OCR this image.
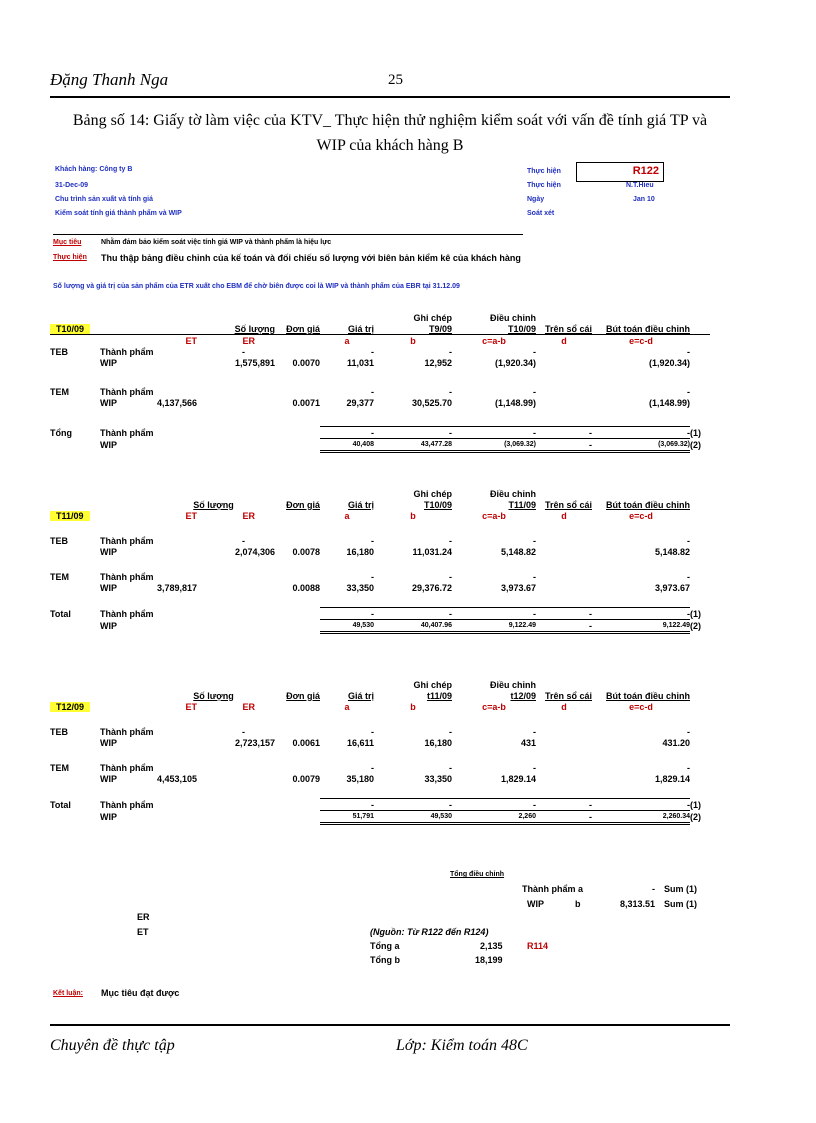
Đặng Thanh Nga	25
Bảng số 14: Giấy tờ làm việc của KTV_ Thực hiện thử nghiệm kiểm soát với vấn đề tính giá TP và WIP của khách hàng B
Khách hàng: Công ty B
31-Dec-09
Chu trình sản xuất và tính giá
Kiểm soát tính giá thành phẩm và WIP
Thực hiện	R122
Thực hiện	N.T.Hieu
Ngày	Jan 10
Soát xét
Mục tiêu	Nhằm đảm bảo kiểm soát việc tính giá WIP và thành phẩm là hiệu lực
Thực hiện Thu thập bảng điều chỉnh của kế toán và đối chiếu số lượng với biên bản kiểm kê của khách hàng
Số lượng và giá trị của sản phẩm của ETR xuất cho EBM để chờ biên được coi là WIP và thành phẩm của EBR tại 31.12.09
						Ghi chép	Điều chỉnh			
T10/09		Số lượng		Đơn giá	Giá trị	T9/09	T10/09	Trên sổ cái	Bút toán điều chỉnh	
		ET	ER		a	b	c=a-b	d	e=c-d	
TEB	Thành phẩm		-		-	-	-		-	
	WIP		1,575,891	0.0070	11,031	12,952	(1,920.34)		(1,920.34)	

TEM	Thành phẩm				-	-	-		-	
	WIP	4,137,566		0.0071	29,377	30,525.70	(1,148.99)		(1,148.99)	

Tổng	Thành phẩm				-	-	-	-	-	(1)
	WIP				40,408	43,477.28	(3,069.32)	-	(3,069.32)	(2)
						Ghi chép	Điều chỉnh			
		Số lượng		Đơn giá	Giá trị	T10/09	T11/09	Trên sổ cái	Bút toán điều chỉnh	
T11/09		ET	ER		a	b	c=a-b	d	e=c-d	

TEB	Thành phẩm		-		-	-	-		-	
	WIP		2,074,306	0.0078	16,180	11,031.24	5,148.82		5,148.82	

TEM	Thành phẩm				-	-	-		-	
	WIP	3,789,817		0.0088	33,350	29,376.72	3,973.67		3,973.67	

Total	Thành phẩm				-	-	-	-	-	(1)
	WIP				49,530	40,407.96	9,122.49	-	9,122.49	(2)
						Ghi chép	Điều chỉnh			
		Số lượng		Đơn giá	Giá trị	t11/09	t12/09	Trên sổ cái	Bút toán điều chỉnh	
T12/09		ET	ER		a	b	c=a-b	d	e=c-d	

TEB	Thành phẩm		-		-	-	-		-	
	WIP		2,723,157	0.0061	16,611	16,180	431		431.20	

TEM	Thành phẩm				-	-	-		-	
	WIP	4,453,105		0.0079	35,180	33,350	1,829.14		1,829.14	

Total	Thành phẩm				-	-	-	-	-	(1)
	WIP				51,791	49,530	2,260	-	2,260.34	(2)
Tổng điều chỉnh
Thành phẩm a	- Sum (1)
WIP	b	8,313.51 Sum (1)
ER
ET	(Nguồn: Từ R122 đến R124)
Tổng a	2,135	R114
Tổng b	18,199
Kết luận: Mục tiêu đạt được
Chuyên đề thực tập	Lớp: Kiểm toán 48C
